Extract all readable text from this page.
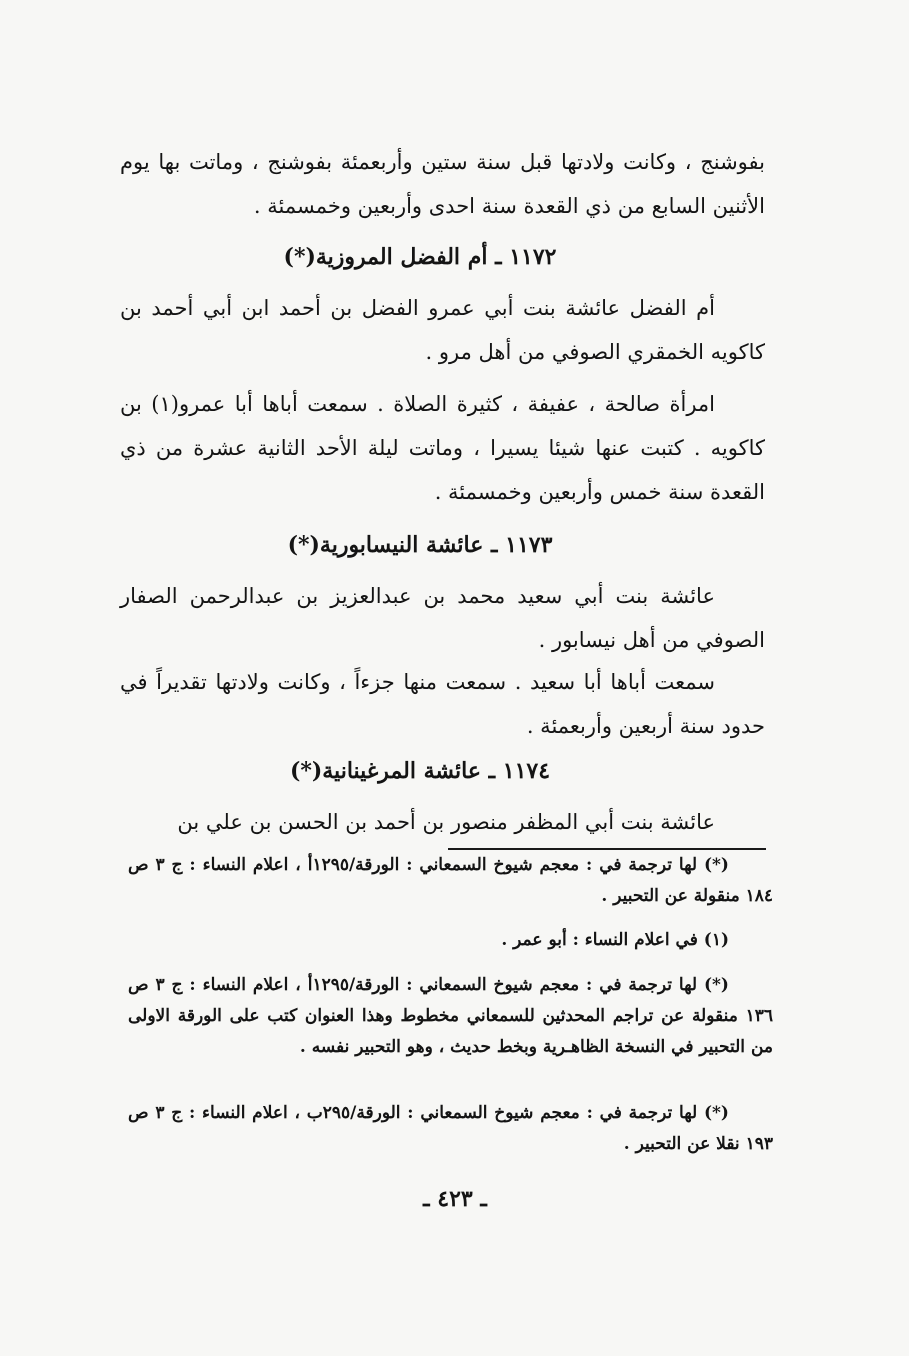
بفوشنج ، وكانت ولادتها قبل سنة ستين وأربعمئة بفوشنج ، وماتت بها يوم الأثنين السابع من ذي القعدة سنة احدى وأربعين وخمسمئة .
١١٧٢ ـ أم الفضل المروزية(*)
أم الفضل عائشة بنت أبي عمرو الفضل بن أحمد ابن أبي أحمد بن كاكويه الخمقري الصوفي من أهل مرو .
امرأة صالحة ، عفيفة ، كثيرة الصلاة . سمعت أباها أبا عمرو(١) بن كاكويه . كتبت عنها شيئا يسيرا ، وماتت ليلة الأحد الثانية عشرة من ذي القعدة سنة خمس وأربعين وخمسمئة .
١١٧٣ ـ عائشة النيسابورية(*)
عائشة بنت أبي سعيد محمد بن عبدالعزيز بن عبدالرحمن الصفار الصوفي من أهل نيسابور .
سمعت أباها أبا سعيد . سمعت منها جزءاً ، وكانت ولادتها تقديراً في حدود سنة أربعين وأربعمئة .
١١٧٤ ـ عائشة المرغينانية(*)
عائشة بنت أبي المظفر منصور بن أحمد بن الحسن بن علي بن
(*) لها ترجمة في : معجم شيوخ السمعاني : الورقة/١٢٩٥أ ، اعلام النساء : ج ٣ ص ١٨٤ منقولة عن التحبير .
(١) في اعلام النساء : أبو عمر .
(*) لها ترجمة في : معجم شيوخ السمعاني : الورقة/١٢٩٥أ ، اعلام النساء : ج ٣ ص ١٣٦ منقولة عن تراجم المحدثين للسمعاني مخطوط وهذا العنوان كتب على الورقة الاولى من التحبير في النسخة الظاهـرية وبخط حديث ، وهو التحبير نفسه .
(*) لها ترجمة في : معجم شيوخ السمعاني : الورقة/٢٩٥ب ، اعلام النساء : ج ٣ ص ١٩٣ نقلا عن التحبير .
ـ ٤٢٣ ـ
